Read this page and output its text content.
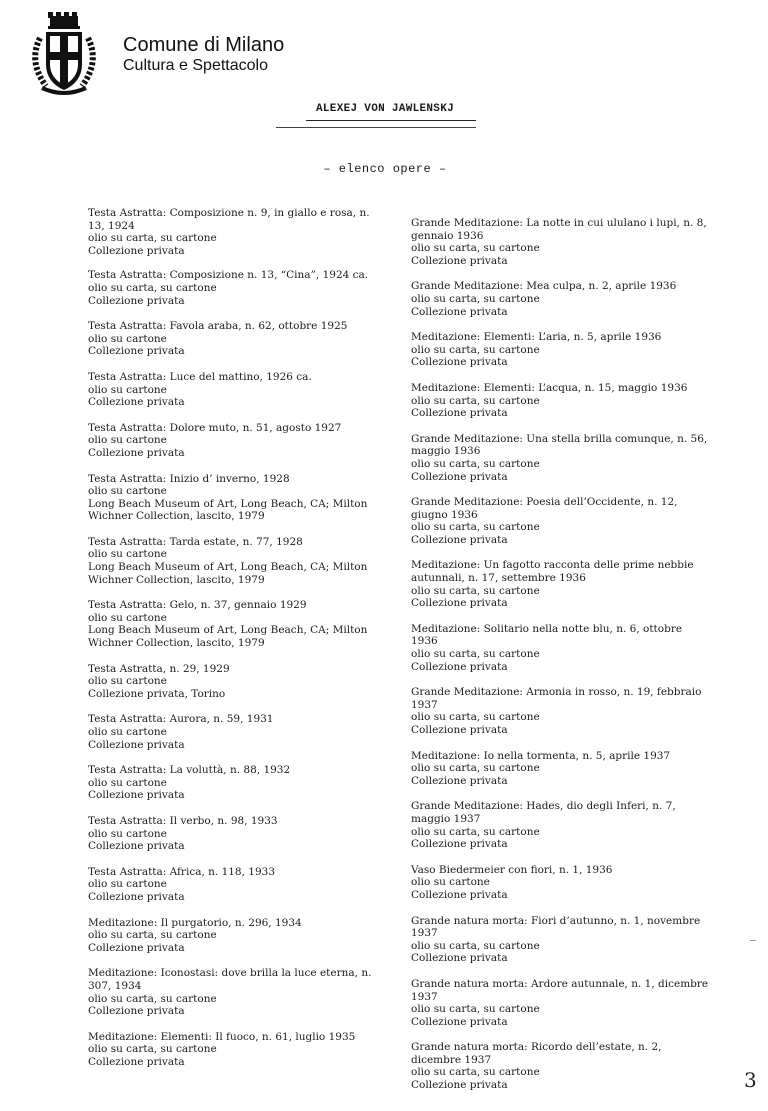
Comune di Milano
Cultura e Spettacolo
ALEXEJ VON JAWLENSKJ
– elenco opere –
Testa Astratta: Composizione n. 9, in giallo e rosa, n. 13, 1924
olio su carta, su cartone
Collezione privata
Testa Astratta: Composizione n. 13, “Cina”, 1924 ca.
olio su carta, su cartone
Collezione privata
Testa Astratta: Favola araba, n. 62, ottobre 1925
olio su cartone
Collezione privata
Testa Astratta: Luce del mattino, 1926 ca.
olio su cartone
Collezione privata
Testa Astratta: Dolore muto, n. 51, agosto 1927
olio su cartone
Collezione privata
Testa Astratta: Inizio d’ inverno, 1928
olio su cartone
Long Beach Museum of Art, Long Beach, CA; Milton Wichner Collection, lascito, 1979
Testa Astratta: Tarda estate, n. 77, 1928
olio su cartone
Long Beach Museum of Art, Long Beach, CA; Milton Wichner Collection, lascito, 1979
Testa Astratta: Gelo, n. 37, gennaio 1929
olio su cartone
Long Beach Museum of Art, Long Beach, CA; Milton Wichner Collection, lascito, 1979
Testa Astratta, n. 29, 1929
olio su cartone
Collezione privata, Torino
Testa Astratta: Aurora, n. 59, 1931
olio su cartone
Collezione privata
Testa Astratta: La voluttà, n. 88, 1932
olio su cartone
Collezione privata
Testa Astratta: Il verbo, n. 98, 1933
olio su cartone
Collezione privata
Testa Astratta: Africa, n. 118, 1933
olio su cartone
Collezione privata
Meditazione: Il purgatorio, n. 296, 1934
olio su carta, su cartone
Collezione privata
Meditazione: Iconostasi: dove brilla la luce eterna, n. 307, 1934
olio su carta, su cartone
Collezione privata
Meditazione: Elementi: Il fuoco, n. 61, luglio 1935
olio su carta, su cartone
Collezione privata
Grande Meditazione: La notte in cui ululano i lupi, n. 8, gennaio 1936
olio su carta, su cartone
Collezione privata
Grande Meditazione: Mea culpa, n. 2, aprile 1936
olio su carta, su cartone
Collezione privata
Meditazione: Elementi: L’aria, n. 5, aprile 1936
olio su carta, su cartone
Collezione privata
Meditazione: Elementi: L’acqua, n. 15, maggio 1936
olio su carta, su cartone
Collezione privata
Grande Meditazione: Una stella brilla comunque, n. 56, maggio 1936
olio su carta, su cartone
Collezione privata
Grande Meditazione: Poesia dell’Occidente, n. 12, giugno 1936
olio su carta, su cartone
Collezione privata
Meditazione: Un fagotto racconta delle prime nebbie autunnali, n. 17, settembre 1936
olio su carta, su cartone
Collezione privata
Meditazione: Solitario nella notte blu, n. 6, ottobre 1936
olio su carta, su cartone
Collezione privata
Grande Meditazione: Armonia in rosso, n. 19, febbraio 1937
olio su carta, su cartone
Collezione privata
Meditazione: Io nella tormenta, n. 5, aprile 1937
olio su carta, su cartone
Collezione privata
Grande Meditazione: Hades, dio degli Inferi, n. 7, maggio 1937
olio su carta, su cartone
Collezione privata
Vaso Biedermeier con fiori, n. 1, 1936
olio su cartone
Collezione privata
Grande natura morta: Fiori d’autunno, n. 1, novembre 1937
olio su carta, su cartone
Collezione privata
Grande natura morta: Ardore autunnale, n. 1, dicembre 1937
olio su carta, su cartone
Collezione privata
Grande natura morta: Ricordo dell’estate, n. 2, dicembre 1937
olio su carta, su cartone
Collezione privata	3
